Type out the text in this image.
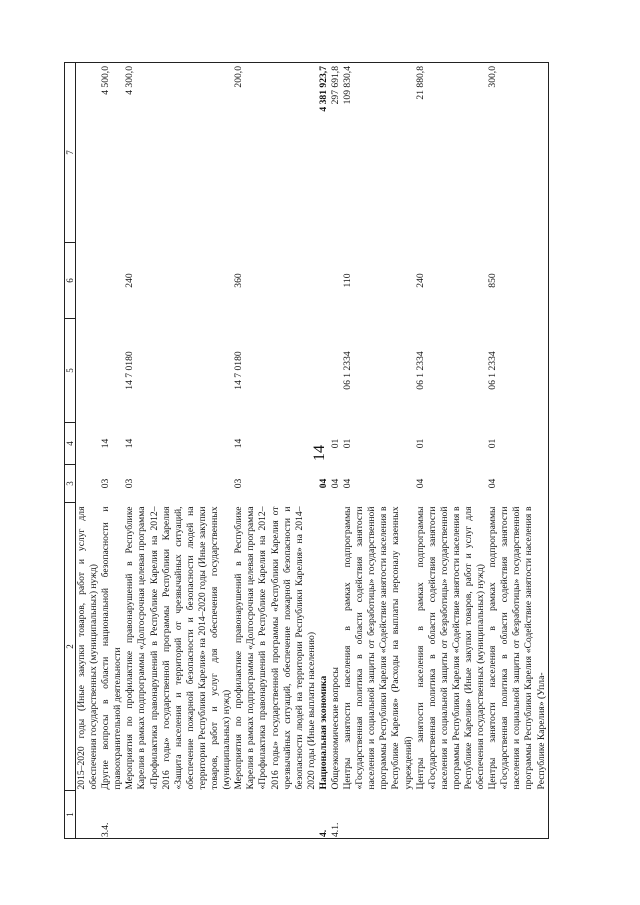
14
1	2	3	4	5	6	7
	2015–2020 годы (Иные закупки товаров, работ и услуг для обеспечения государственных (муниципальных) нужд)					
3.4.	Другие вопросы в области национальной безопасности и правоохранительной деятельности	03	14			4 500,0
	Мероприятия по профилактике правонарушений в Республике Карелия в рамках подпрограммы «Долгосрочная целевая программа «Профилактика правонарушений в Республике Карелия на 2012–2016 годы» государственной программы Республики Карелия «Защита населения и территорий от чрезвычайных ситуаций, обеспечение пожарной безопасности и безопасности людей на территории Республики Карелия» на 2014–2020 годы (Иные закупки товаров, работ и услуг для обеспечения государственных (муниципальных) нужд)	03	14	14 7 0180	240	4 300,0
	Мероприятия по профилактике правонарушений в Республике Карелия в рамках подпрограммы «Долгосрочная целевая программа «Профилактика правонарушений в Республике Карелия на 2012–2016 годы» государственной программы «Республики Карелия от чрезвычайных ситуаций, обеспечение пожарной безопасности и безопасности людей на территории Республики Карелия» на 2014–2020 годы (Иные выплаты населению)	03	14	14 7 0180	360	200,0
4.	Национальная экономика	04				4 381 923,7
4.1.	Общеэкономические вопросы	04	01			297 691,8
	Центры занятости населения в рамках подпрограммы «Государственная политика в области содействия занятости населения и социальной защиты от безработицы» государственной программы Республики Карелия «Содействие занятости населения в Республике Карелия» (Расходы на выплаты персоналу казенных учреждений)	04	01	06 1 2334	110	109 830,4
	Центры занятости населения в рамках подпрограммы «Государственная политика в области содействия занятости населения и социальной защиты от безработицы» государственной программы Республики Карелия «Содействие занятости населения в Республике Карелия» (Иные закупки товаров, работ и услуг для обеспечения государственных (муниципальных) нужд)	04	01	06 1 2334	240	21 880,8
	Центры занятости населения в рамках подпрограммы «Государственная политика в области содействия занятости населения и социальной защиты от безработицы» государственной программы Республики Карелия «Содействие занятости населения в Республике Карелия» (Упла-	04	01	06 1 2334	850	300,0
